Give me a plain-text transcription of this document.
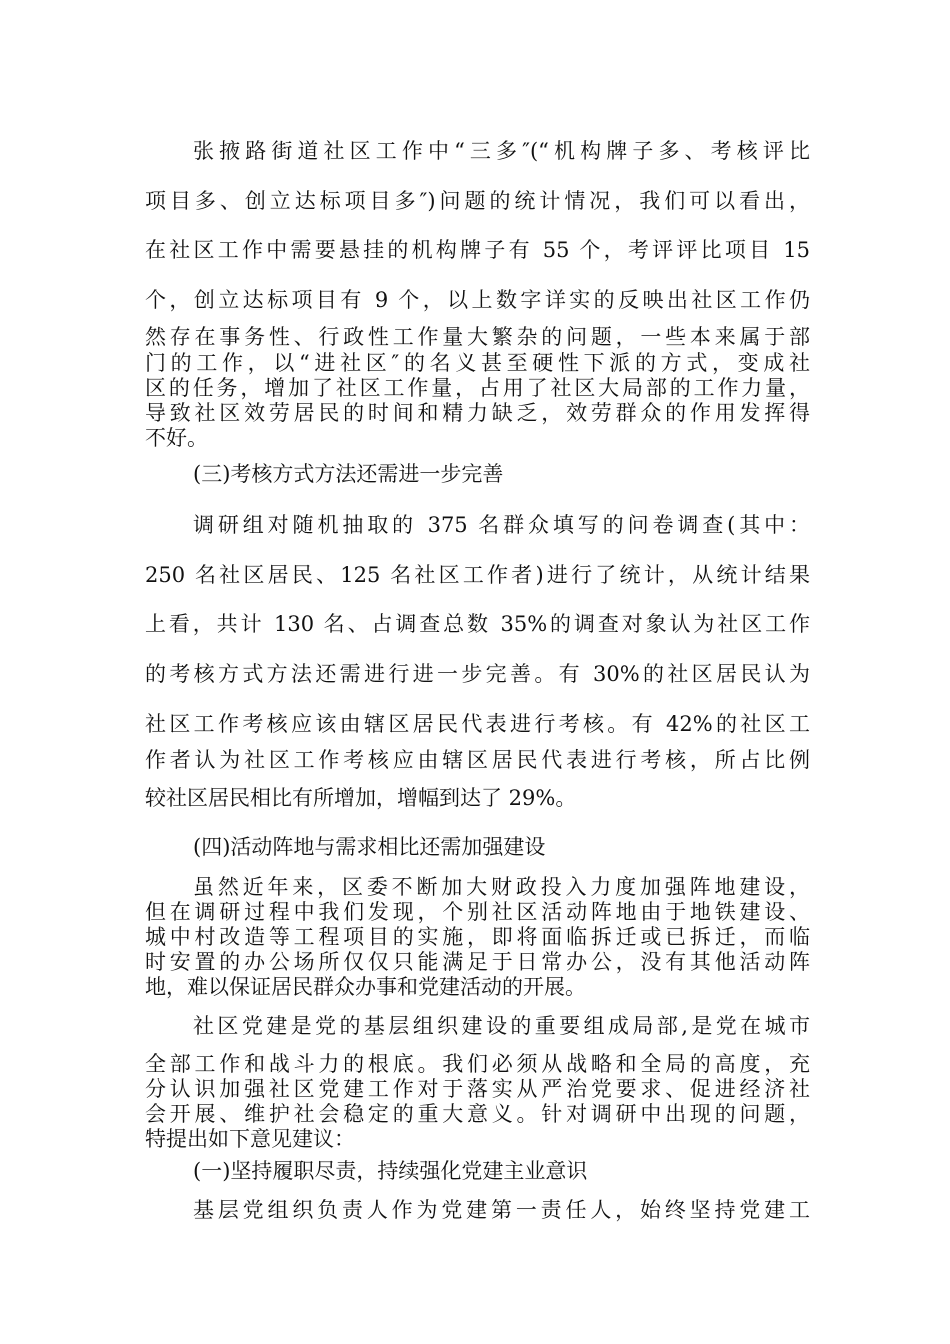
张掖路街道社区工作中“三多″(“机构牌子多、考核评比
项目多、创立达标项目多″)问题的统计情况，我们可以看出，
在社区工作中需要悬挂的机构牌子有 55 个，考评评比项目 15
个，创立达标项目有 9 个，以上数字详实的反映出社区工作仍
然存在事务性、行政性工作量大繁杂的问题，一些本来属于部
门的工作，以“进社区″的名义甚至硬性下派的方式，变成社
区的任务，增加了社区工作量，占用了社区大局部的工作力量，
导致社区效劳居民的时间和精力缺乏，效劳群众的作用发挥得
不好。
(三)考核方式方法还需进一步完善
调研组对随机抽取的 375 名群众填写的问卷调查(其中：
250 名社区居民、125 名社区工作者)进行了统计，从统计结果
上看，共计 130 名、占调查总数 35%的调查对象认为社区工作
的考核方式方法还需进行进一步完善。有 30%的社区居民认为
社区工作考核应该由辖区居民代表进行考核。有 42%的社区工
作者认为社区工作考核应由辖区居民代表进行考核，所占比例
较社区居民相比有所增加，增幅到达了 29%。
(四)活动阵地与需求相比还需加强建设
虽然近年来，区委不断加大财政投入力度加强阵地建设，
但在调研过程中我们发现，个别社区活动阵地由于地铁建设、
城中村改造等工程项目的实施，即将面临拆迁或已拆迁，而临
时安置的办公场所仅仅只能满足于日常办公，没有其他活动阵
地，难以保证居民群众办事和党建活动的开展。
社区党建是党的基层组织建设的重要组成局部,是党在城市
全部工作和战斗力的根底。我们必须从战略和全局的高度，充
分认识加强社区党建工作对于落实从严治党要求、促进经济社
会开展、维护社会稳定的重大意义。针对调研中出现的问题，
特提出如下意见建议：
(一)坚持履职尽责，持续强化党建主业意识
基层党组织负责人作为党建第一责任人，始终坚持党建工
